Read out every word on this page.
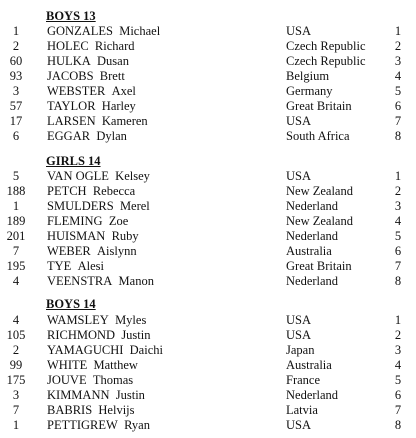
BOYS 13
1	GONZALES Michael	USA	1
2	HOLEC Richard	Czech Republic	2
60	HULKA Dusan	Czech Republic	3
93	JACOBS Brett	Belgium	4
3	WEBSTER Axel	Germany	5
57	TAYLOR Harley	Great Britain	6
17	LARSEN Kameren	USA	7
6	EGGAR Dylan	South Africa	8
GIRLS 14
5	VAN OGLE Kelsey	USA	1
188	PETCH Rebecca	New Zealand	2
1	SMULDERS Merel	Nederland	3
189	FLEMING Zoe	New Zealand	4
201	HUISMAN Ruby	Nederland	5
7	WEBER Aislynn	Australia	6
195	TYE Alesi	Great Britain	7
4	VEENSTRA Manon	Nederland	8
BOYS 14
4	WAMSLEY Myles	USA	1
105	RICHMOND Justin	USA	2
2	YAMAGUCHI Daichi	Japan	3
99	WHITE Matthew	Australia	4
175	JOUVE Thomas	France	5
3	KIMMANN Justin	Nederland	6
7	BABRIS Helvijs	Latvia	7
1	PETTIGREW Ryan	USA	8
